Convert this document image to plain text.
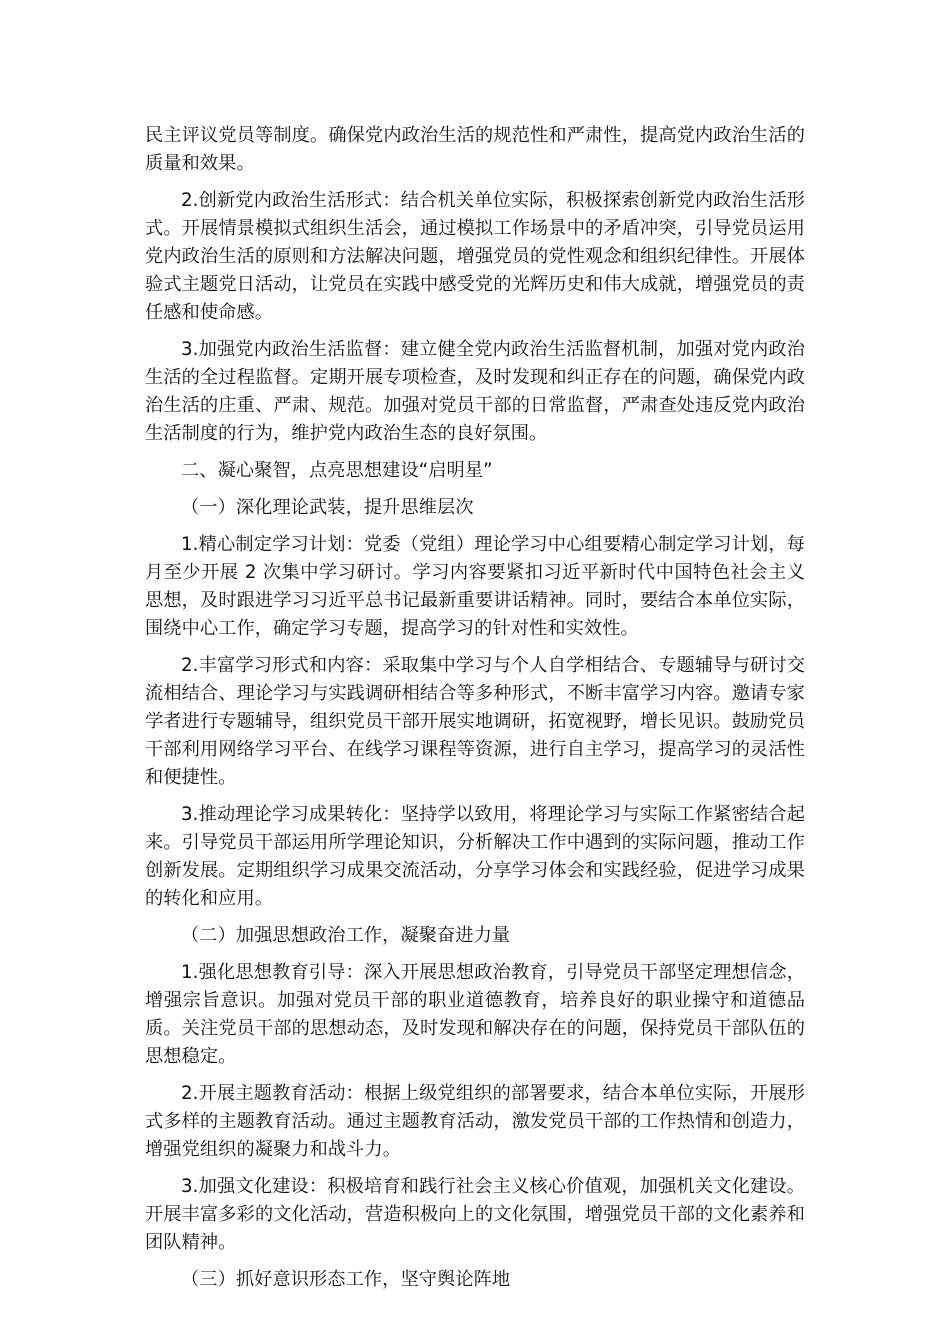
民主评议党员等制度。确保党内政治生活的规范性和严肃性，提高党内政治生活的质量和效果。

2.创新党内政治生活形式：结合机关单位实际，积极探索创新党内政治生活形式。开展情景模拟式组织生活会，通过模拟工作场景中的矛盾冲突，引导党员运用党内政治生活的原则和方法解决问题，增强党员的党性观念和组织纪律性。开展体验式主题党日活动，让党员在实践中感受党的光辉历史和伟大成就，增强党员的责任感和使命感。

3.加强党内政治生活监督：建立健全党内政治生活监督机制，加强对党内政治生活的全过程监督。定期开展专项检查，及时发现和纠正存在的问题，确保党内政治生活的庄重、严肃、规范。加强对党员干部的日常监督，严肃查处违反党内政治生活制度的行为，维护党内政治生态的良好氛围。

二、凝心聚智，点亮思想建设“启明星”

（一）深化理论武装，提升思维层次

1.精心制定学习计划：党委（党组）理论学习中心组要精心制定学习计划，每月至少开展 2 次集中学习研讨。学习内容要紧扣习近平新时代中国特色社会主义思想，及时跟进学习习近平总书记最新重要讲话精神。同时，要结合本单位实际，围绕中心工作，确定学习专题，提高学习的针对性和实效性。

2.丰富学习形式和内容：采取集中学习与个人自学相结合、专题辅导与研讨交流相结合、理论学习与实践调研相结合等多种形式，不断丰富学习内容。邀请专家学者进行专题辅导，组织党员干部开展实地调研，拓宽视野，增长见识。鼓励党员干部利用网络学习平台、在线学习课程等资源，进行自主学习，提高学习的灵活性和便捷性。

3.推动理论学习成果转化：坚持学以致用，将理论学习与实际工作紧密结合起来。引导党员干部运用所学理论知识，分析解决工作中遇到的实际问题，推动工作创新发展。定期组织学习成果交流活动，分享学习体会和实践经验，促进学习成果的转化和应用。

（二）加强思想政治工作，凝聚奋进力量

1.强化思想教育引导：深入开展思想政治教育，引导党员干部坚定理想信念，增强宗旨意识。加强对党员干部的职业道德教育，培养良好的职业操守和道德品质。关注党员干部的思想动态，及时发现和解决存在的问题，保持党员干部队伍的思想稳定。

2.开展主题教育活动：根据上级党组织的部署要求，结合本单位实际，开展形式多样的主题教育活动。通过主题教育活动，激发党员干部的工作热情和创造力，增强党组织的凝聚力和战斗力。

3.加强文化建设：积极培育和践行社会主义核心价值观，加强机关文化建设。开展丰富多彩的文化活动，营造积极向上的文化氛围，增强党员干部的文化素养和团队精神。

（三）抓好意识形态工作，坚守舆论阵地
